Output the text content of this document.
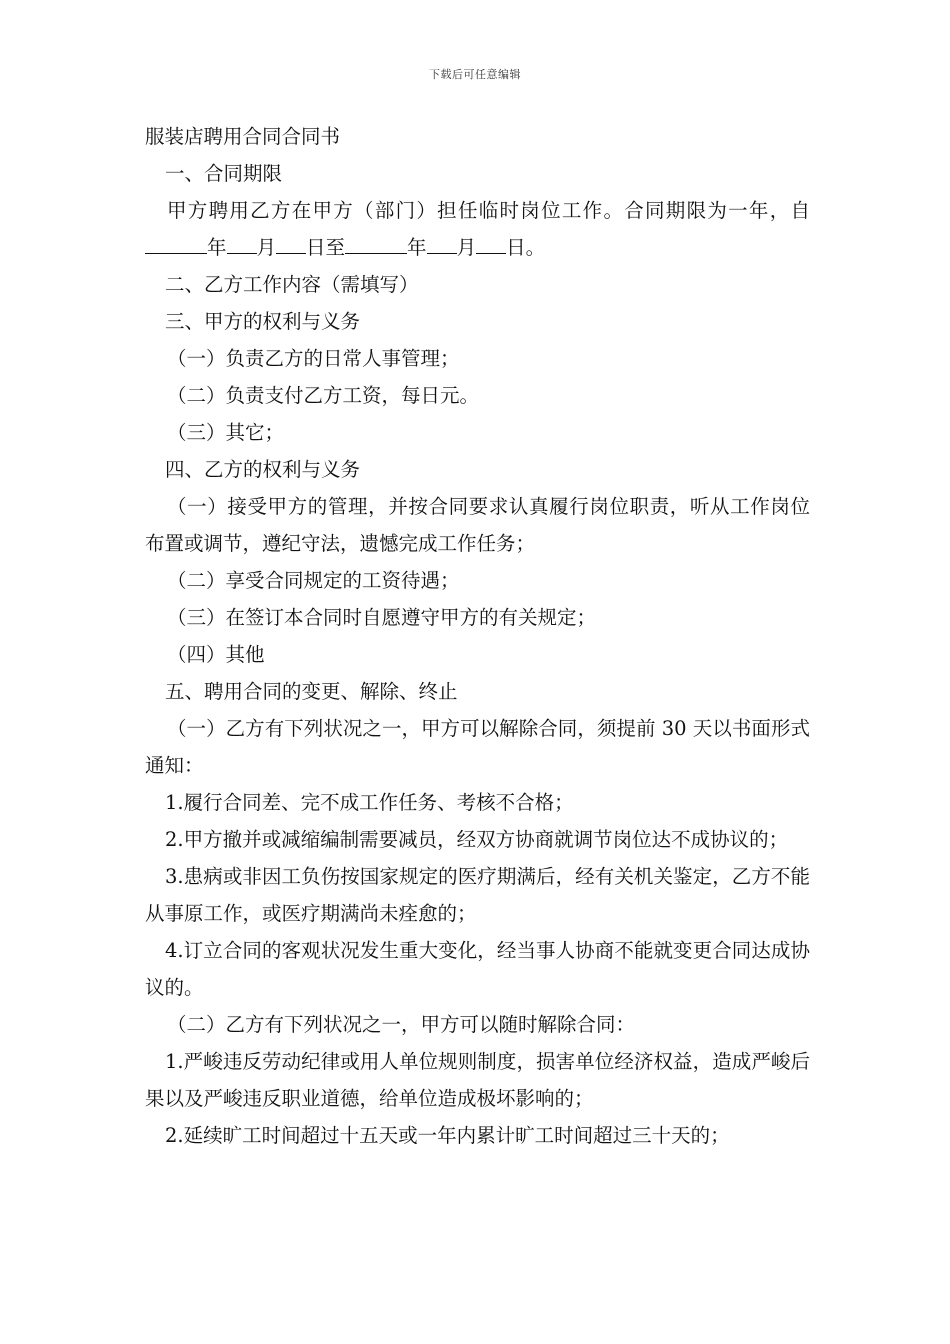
下载后可任意编辑

服装店聘用合同合同书

一、合同期限

甲方聘用乙方在甲方（部门）担任临时岗位工作。合同期限为一年，自年 月 日至	年 月 日。

二、乙方工作内容（需填写）

三、甲方的权利与义务

（一）负责乙方的日常人事管理；

（二）负责支付乙方工资，每日元。

（三）其它；

四、乙方的权利与义务

（一）接受甲方的管理，并按合同要求认真履行岗位职责，听从工作岗位布置或调节，遵纪守法，遗憾完成工作任务；

（二）享受合同规定的工资待遇；

（三）在签订本合同时自愿遵守甲方的有关规定；

（四）其他

五、聘用合同的变更、解除、终止

（一）乙方有下列状况之一，甲方可以解除合同，须提前 30 天以书面形式通知：

1.履行合同差、完不成工作任务、考核不合格；

2.甲方撤并或减缩编制需要减员，经双方协商就调节岗位达不成协议的；

3.患病或非因工负伤按国家规定的医疗期满后，经有关机关鉴定，乙方不能从事原工作，或医疗期满尚未痊愈的；

4.订立合同的客观状况发生重大变化，经当事人协商不能就变更合同达成协议的。

（二）乙方有下列状况之一，甲方可以随时解除合同：

1.严峻违反劳动纪律或用人单位规则制度，损害单位经济权益，造成严峻后果以及严峻违反职业道德，给单位造成极坏影响的；

2.延续旷工时间超过十五天或一年内累计旷工时间超过三十天的；
